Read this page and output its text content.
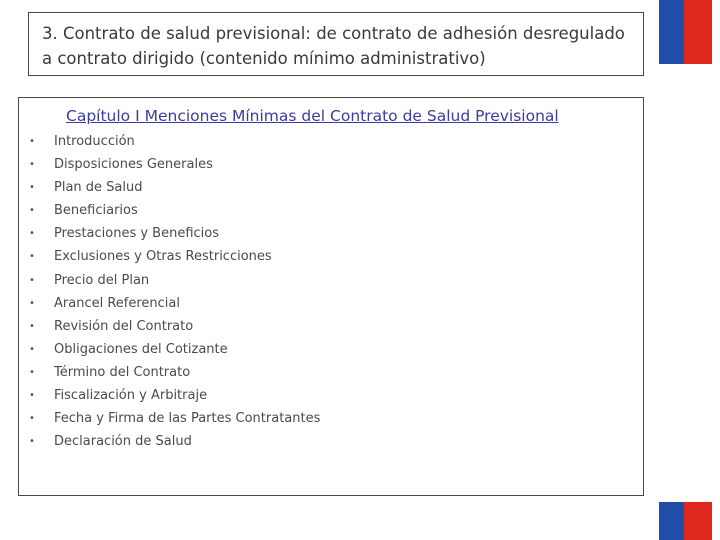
3. Contrato de salud previsional: de contrato de adhesión desregulado a contrato dirigido (contenido mínimo administrativo)
Capítulo I Menciones Mínimas del Contrato de Salud Previsional
• Introducción
• Disposiciones Generales
• Plan de Salud
• Beneficiarios
• Prestaciones y Beneficios
• Exclusiones y Otras Restricciones
• Precio del Plan
• Arancel Referencial
• Revisión del Contrato
• Obligaciones del Cotizante
• Término del Contrato
• Fiscalización y Arbitraje
• Fecha y Firma de las Partes Contratantes
• Declaración de Salud
